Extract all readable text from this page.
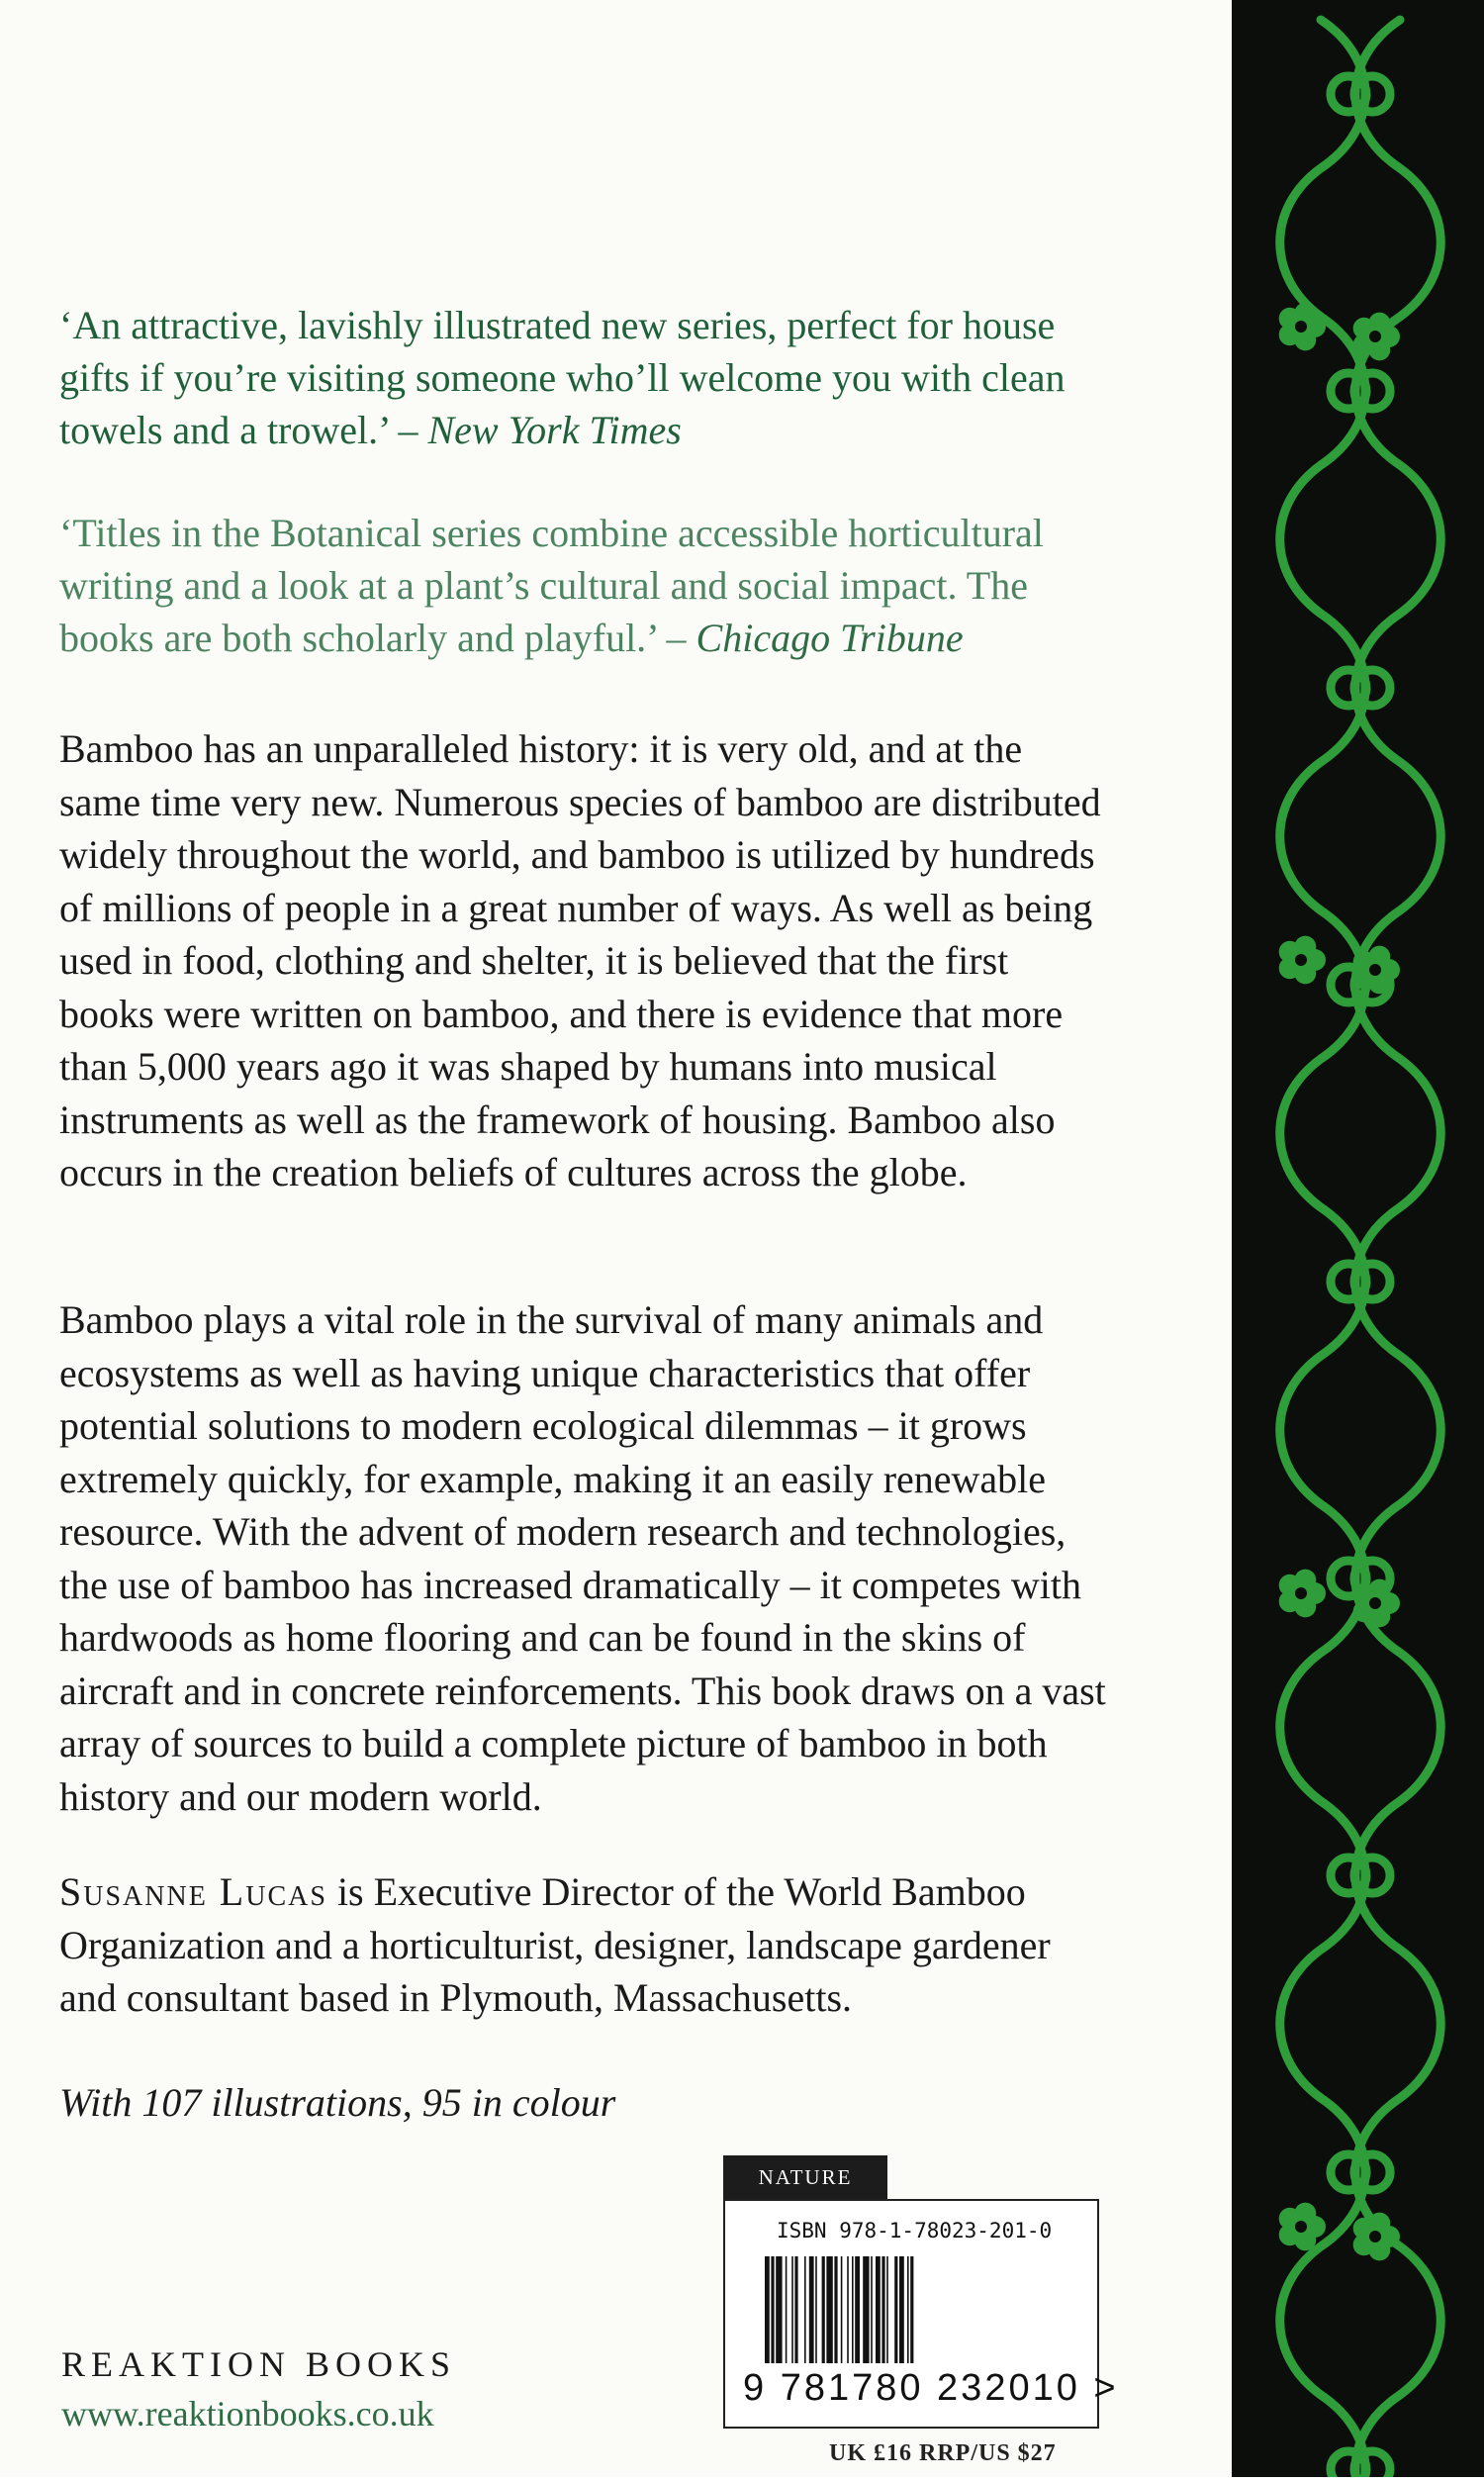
‘An attractive, lavishly illustrated new series, perfect for house gifts if you’re visiting someone who’ll welcome you with clean towels and a trowel.’ – New York Times

‘Titles in the Botanical series combine accessible horticultural writing and a look at a plant’s cultural and social impact. The books are both scholarly and playful.’ – Chicago Tribune

Bamboo has an unparalleled history: it is very old, and at the same time very new. Numerous species of bamboo are distributed widely throughout the world, and bamboo is utilized by hundreds of millions of people in a great number of ways. As well as being used in food, clothing and shelter, it is believed that the first books were written on bamboo, and there is evidence that more than 5,000 years ago it was shaped by humans into musical instruments as well as the framework of housing. Bamboo also occurs in the creation beliefs of cultures across the globe.

Bamboo plays a vital role in the survival of many animals and ecosystems as well as having unique characteristics that offer potential solutions to modern ecological dilemmas – it grows extremely quickly, for example, making it an easily renewable resource. With the advent of modern research and technologies, the use of bamboo has increased dramatically – it competes with hardwoods as home flooring and can be found in the skins of aircraft and in concrete reinforcements. This book draws on a vast array of sources to build a complete picture of bamboo in both history and our modern world.

Susanne Lucas is Executive Director of the World Bamboo Organization and a horticulturist, designer, landscape gardener and consultant based in Plymouth, Massachusetts.

With 107 illustrations, 95 in colour

REAKTION BOOKS
www.reaktionbooks.co.uk
NATURE
ISBN 978-1-78023-201-0
9 781780 232010 >
UK £16 RRP/US $27
